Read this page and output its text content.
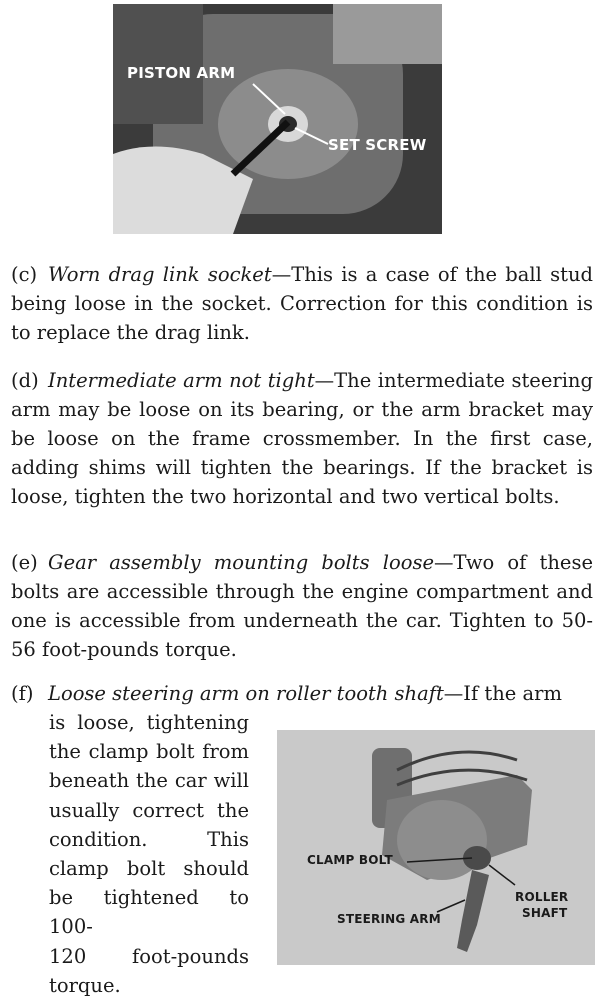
PISTON ARM
SET SCREW
(c) Worn drag link socket—This is a case of the ball stud being loose in the socket. Correction for this condition is to replace the drag link.
(d) Intermediate arm not tight—The intermediate steering arm may be loose on its bearing, or the arm bracket may be loose on the frame crossmember. In the first case, adding shims will tighten the bearings. If the bracket is loose, tighten the two horizontal and two vertical bolts.
(e) Gear assembly mounting bolts loose—Two of these bolts are accessible through the engine compartment and one is accessible from underneath the car. Tighten to 50-56 foot-pounds torque.
(f) Loose steering arm on roller tooth shaft—If the arm
is loose, tightening
the clamp bolt from
beneath the car will
usually correct the
condition. This
clamp bolt should
be tightened to 100-
120 foot-pounds
torque.
CLAMP BOLT
ROLLER
SHAFT
STEERING ARM
